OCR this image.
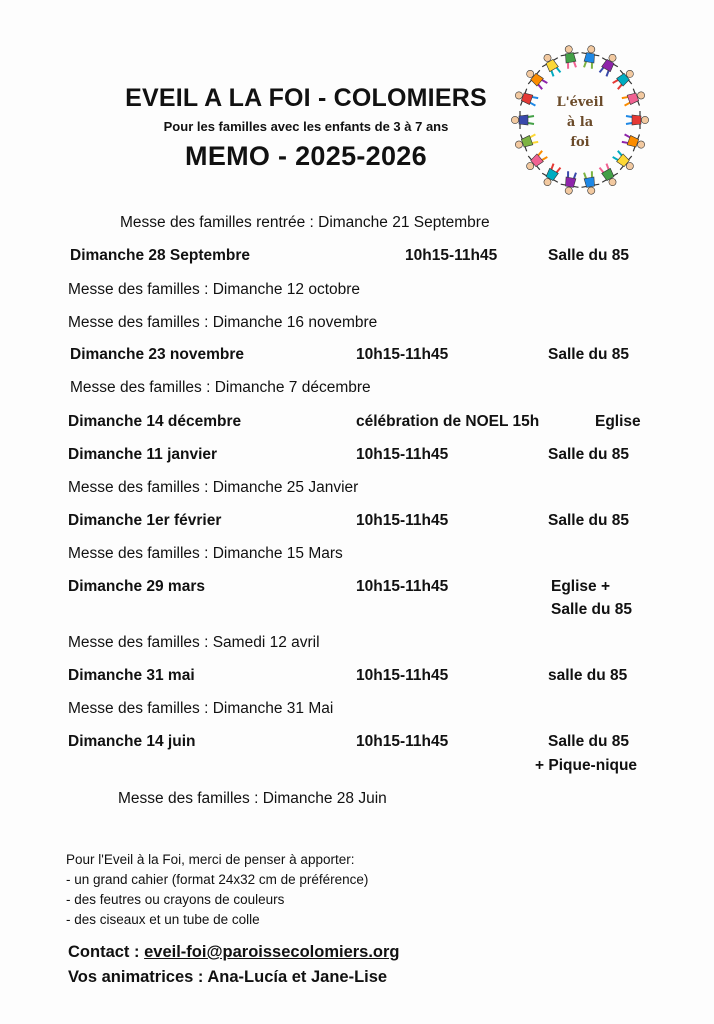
EVEIL A LA FOI - COLOMIERS
Pour les familles avec les enfants de 3 à 7 ans
MEMO - 2025-2026
L'éveil
à la
foi
Messe des familles rentrée : Dimanche 21 Septembre
Dimanche 28 Septembre	10h15-11h45	Salle du 85
Messe des familles : Dimanche 12 octobre
Messe des familles : Dimanche 16 novembre
Dimanche 23 novembre	10h15-11h45	Salle du 85
Messe des familles : Dimanche 7 décembre
Dimanche 14 décembre	célébration de NOEL 15h	Eglise
Dimanche 11 janvier	10h15-11h45	Salle du 85
Messe des familles : Dimanche 25 Janvier
Dimanche 1er février	10h15-11h45	Salle du 85
Messe des familles : Dimanche 15 Mars
Dimanche 29 mars	10h15-11h45	Eglise +
Salle du 85
Messe des familles : Samedi 12 avril
Dimanche 31 mai	10h15-11h45	salle du 85
Messe des familles : Dimanche 31 Mai
Dimanche 14 juin	10h15-11h45	Salle du 85
+ Pique-nique
Messe des familles : Dimanche 28 Juin
Pour l'Eveil à la Foi, merci de penser à apporter:
- un grand cahier (format 24x32 cm de préférence)
- des feutres ou crayons de couleurs
- des ciseaux et un tube de colle
Contact : eveil-foi@paroissecolomiers.org
Vos animatrices : Ana-Lucía et Jane-Lise
